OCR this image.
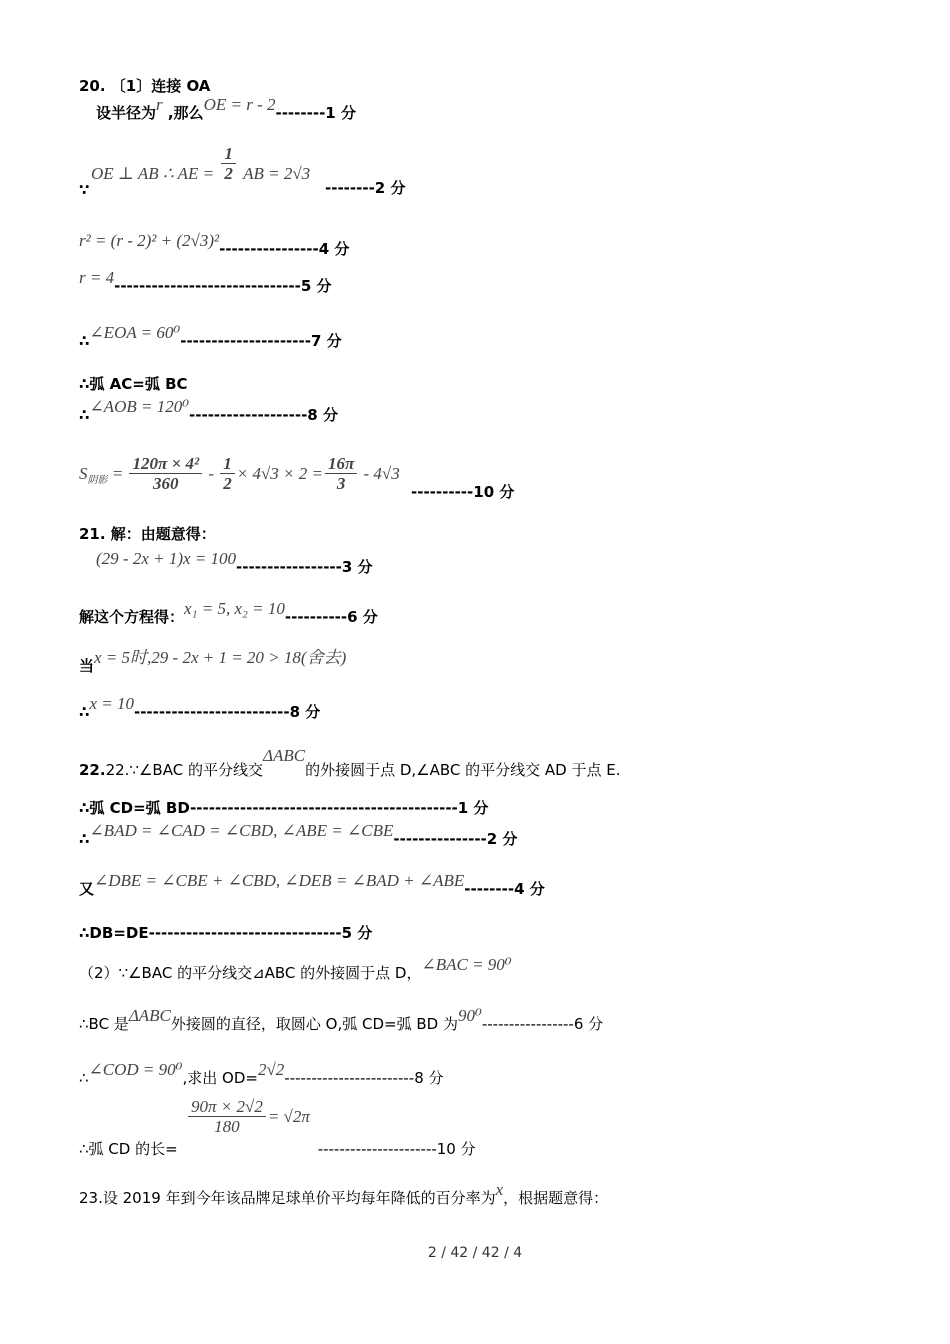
20. 〔1〕连接 OA
设半径为r ,那么OE = r - 2--------1 分
∵
OE ⊥ AB ∴ AE = $\frac{1}{2}$ AB = 2√3
--------2 分
r² = (r - 2)² + (2√3)²----------------4 分
r = 4------------------------------5 分
∴∠EOA = 60⁰---------------------7 分
∴弧 AC=弧 BC
∴∠AOB = 120⁰-------------------8 分
$S_{阴影} = \frac{\text{120π × 4²}}{360} - \frac{1}{2} \times 4√3 \times 2 = \frac{16\pi}{3} - 4√3$
----------10 分
21. 解：由题意得：
(29 - 2x + 1)x = 100-----------------3 分
解这个方程得：x₁ = 5, x₂ = 10----------6 分
当x = 5时,29 - 2x + 1 = 20 > 18(舍去)
∴x = 10-------------------------8 分
22.22.∵∠BAC 的平分线交ΔABC的外接圆于点 D,∠ABC 的平分线交 AD 于点 E.
∴弧 CD=弧 BD-------------------------------------------1 分
∴∠BAD = ∠CAD = ∠CBD, ∠ABE = ∠CBE---------------2 分
又∠DBE = ∠CBE + ∠CBD, ∠DEB = ∠BAD + ∠ABE--------4 分
∴DB=DE-------------------------------5 分
（2）∵∠BAC 的平分线交⊿ABC 的外接圆于点 D，∠BAC = 90⁰
∴BC 是ΔABC外接圆的直径，取圆心 O,弧 CD=弧 BD 为90⁰-----------------6 分
∴∠COD = 90⁰,求出 OD=2√2------------------------8 分
$\frac{90\pi \times 2√2}{180} = √2\pi$
∴弧 CD 的长=	----------------------10 分
23.设 2019 年到今年该品牌足球单价平均每年降低的百分率为x，根据题意得：
2 / 42 / 42 / 4
